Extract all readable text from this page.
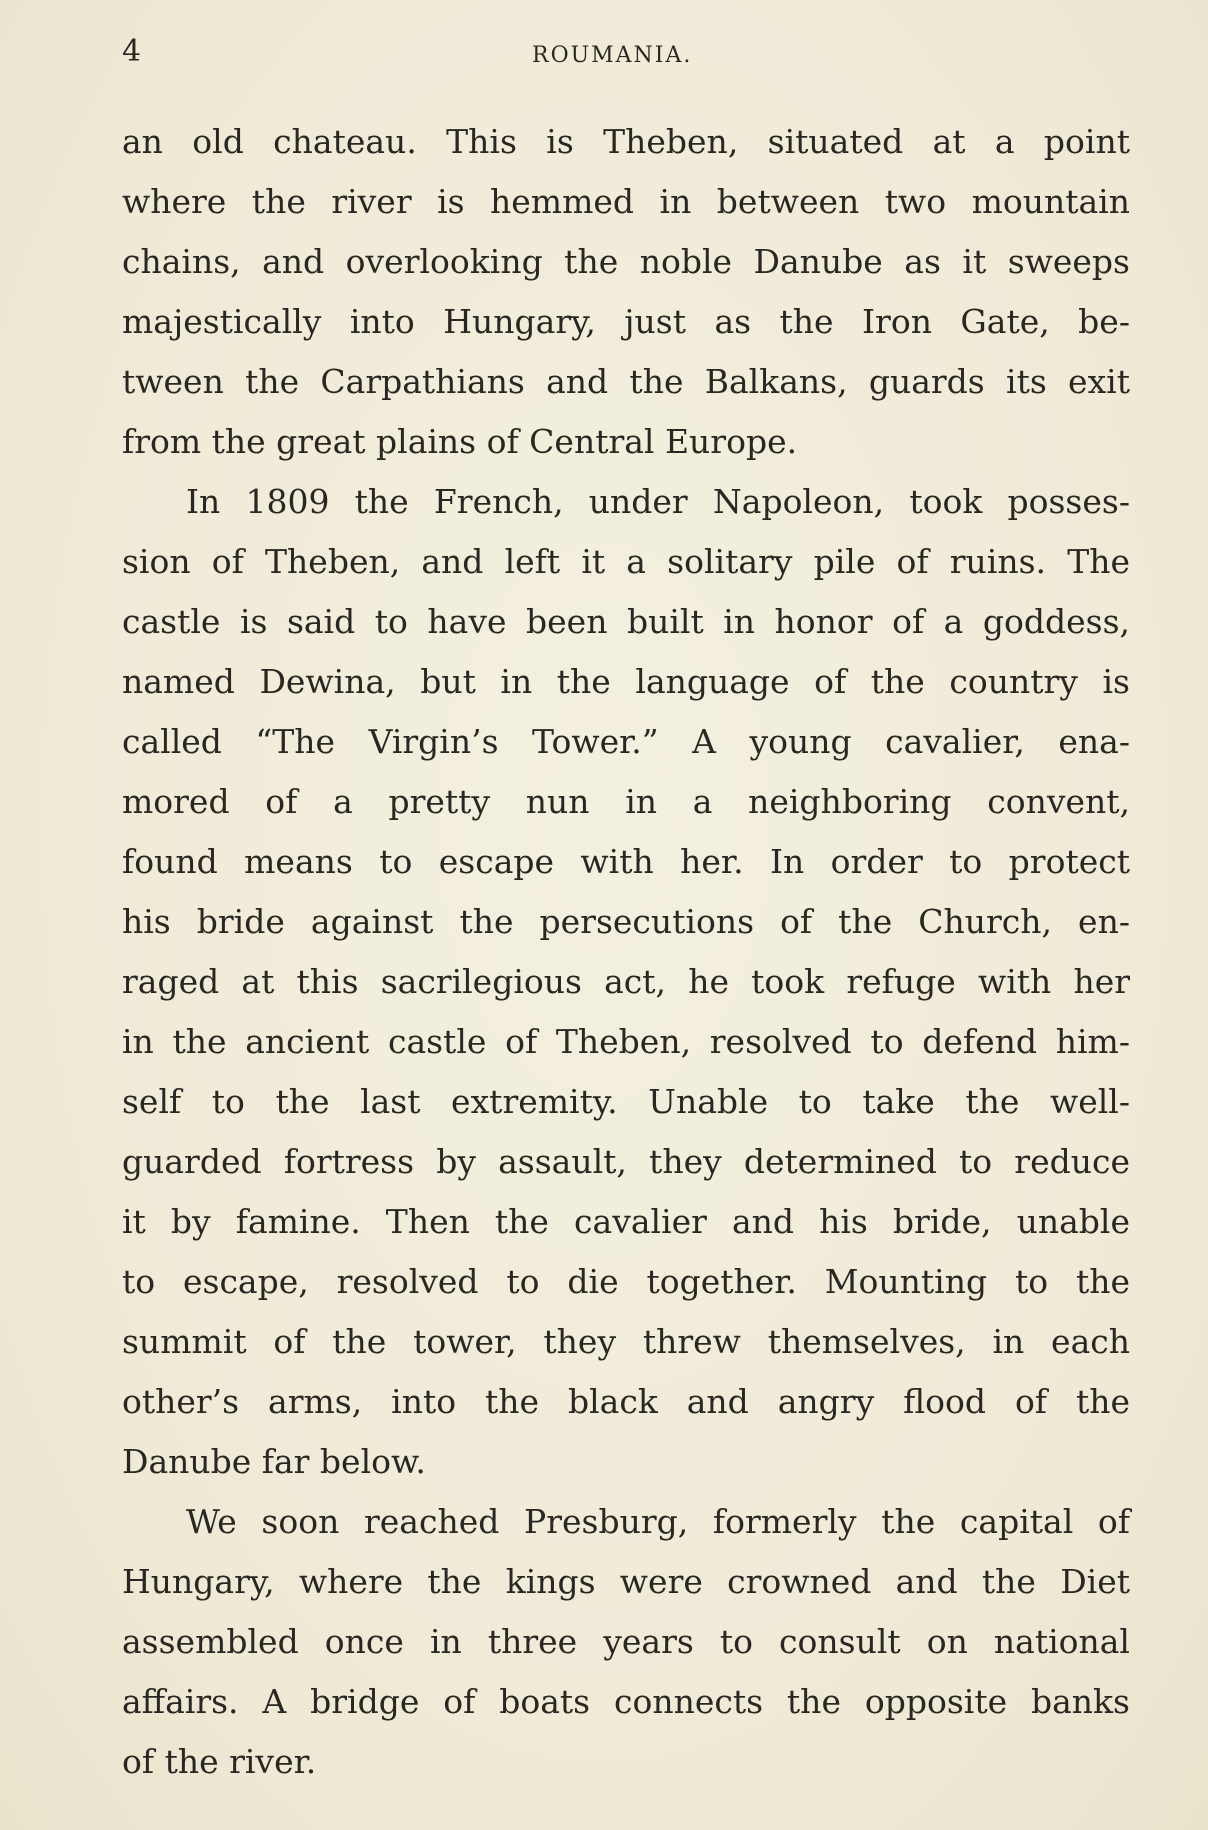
4	ROUMANIA.
an old chateau. This is Theben, situated at a point
where the river is hemmed in between two mountain
chains, and overlooking the noble Danube as it sweeps
majestically into Hungary, just as the Iron Gate, be-
tween the Carpathians and the Balkans, guards its exit
from the great plains of Central Europe.
In 1809 the French, under Napoleon, took posses-
sion of Theben, and left it a solitary pile of ruins. The
castle is said to have been built in honor of a goddess,
named Dewina, but in the language of the country is
called “The Virgin’s Tower.” A young cavalier, ena-
mored of a pretty nun in a neighboring convent,
found means to escape with her. In order to protect
his bride against the persecutions of the Church, en-
raged at this sacrilegious act, he took refuge with her
in the ancient castle of Theben, resolved to defend him-
self to the last extremity. Unable to take the well-
guarded fortress by assault, they determined to reduce
it by famine. Then the cavalier and his bride, unable
to escape, resolved to die together. Mounting to the
summit of the tower, they threw themselves, in each
other’s arms, into the black and angry flood of the
Danube far below.
We soon reached Presburg, formerly the capital of
Hungary, where the kings were crowned and the Diet
assembled once in three years to consult on national
affairs. A bridge of boats connects the opposite banks
of the river.
